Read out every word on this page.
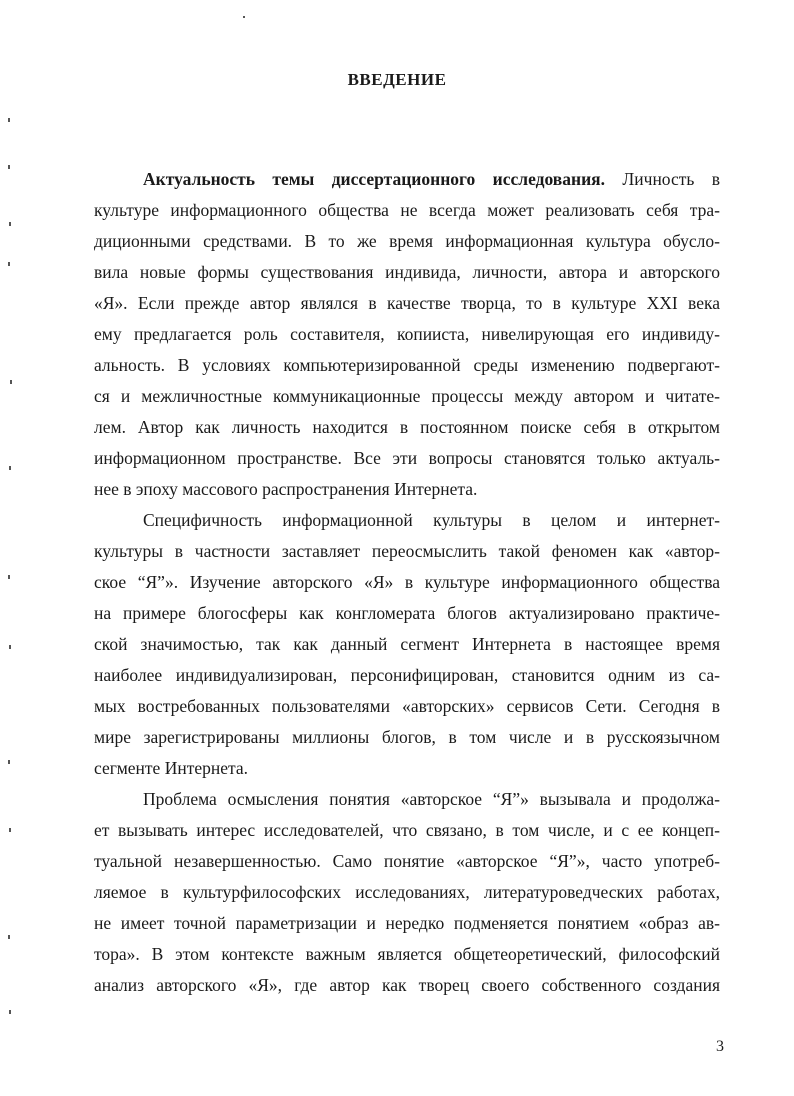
ВВЕДЕНИЕ
Актуальность темы диссертационного исследования. Личность в
культуре информационного общества не всегда может реализовать себя тра-
диционными средствами. В то же время информационная культура обусло-
вила новые формы существования индивида, личности, автора и авторского
«Я». Если прежде автор являлся в качестве творца, то в культуре XXI века
ему предлагается роль составителя, копииста, нивелирующая его индивиду-
альность. В условиях компьютеризированной среды изменению подвергают-
ся и межличностные коммуникационные процессы между автором и читате-
лем. Автор как личность находится в постоянном поиске себя в открытом
информационном пространстве. Все эти вопросы становятся только актуаль-
нее в эпоху массового распространения Интернета.
Специфичность информационной культуры в целом и интернет-
культуры в частности заставляет переосмыслить такой феномен как «автор-
ское “Я”». Изучение авторского «Я» в культуре информационного общества
на примере блогосферы как конгломерата блогов актуализировано практиче-
ской значимостью, так как данный сегмент Интернета в настоящее время
наиболее индивидуализирован, персонифицирован, становится одним из са-
мых востребованных пользователями «авторских» сервисов Сети. Сегодня в
мире зарегистрированы миллионы блогов, в том числе и в русскоязычном
сегменте Интернета.
Проблема осмысления понятия «авторское “Я”» вызывала и продолжа-
ет вызывать интерес исследователей, что связано, в том числе, и с ее концеп-
туальной незавершенностью. Само понятие «авторское “Я”», часто употреб-
ляемое в культурфилософских исследованиях, литературоведческих работах,
не имеет точной параметризации и нередко подменяется понятием «образ ав-
тора». В этом контексте важным является общетеоретический, философский
анализ авторского «Я», где автор как творец своего собственного создания
3
